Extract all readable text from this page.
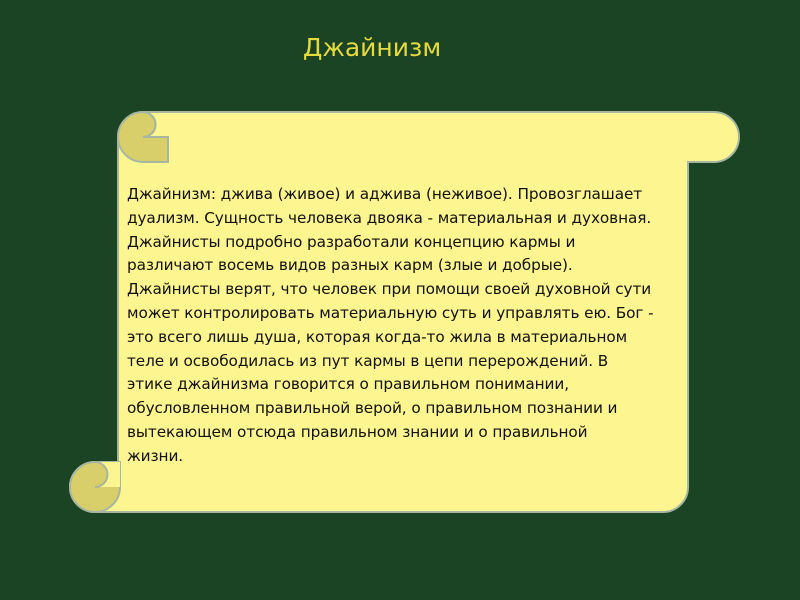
Джайнизм
Джайнизм: джива (живое) и аджива (неживое). Провозглашает
дуализм. Сущность человека двояка - материальная и духовная.
Джайнисты подробно разработали концепцию кармы и
различают восемь видов разных карм (злые и добрые).
Джайнисты верят, что человек при помощи своей духовной сути
может контролировать материальную суть и управлять ею. Бог -
это всего лишь душа, которая когда-то жила в материальном
теле и освободилась из пут кармы в цепи перерождений. В
этике джайнизма говорится о правильном понимании,
обусловленном правильной верой, о правильном познании и
вытекающем отсюда правильном знании и о правильной
жизни.
